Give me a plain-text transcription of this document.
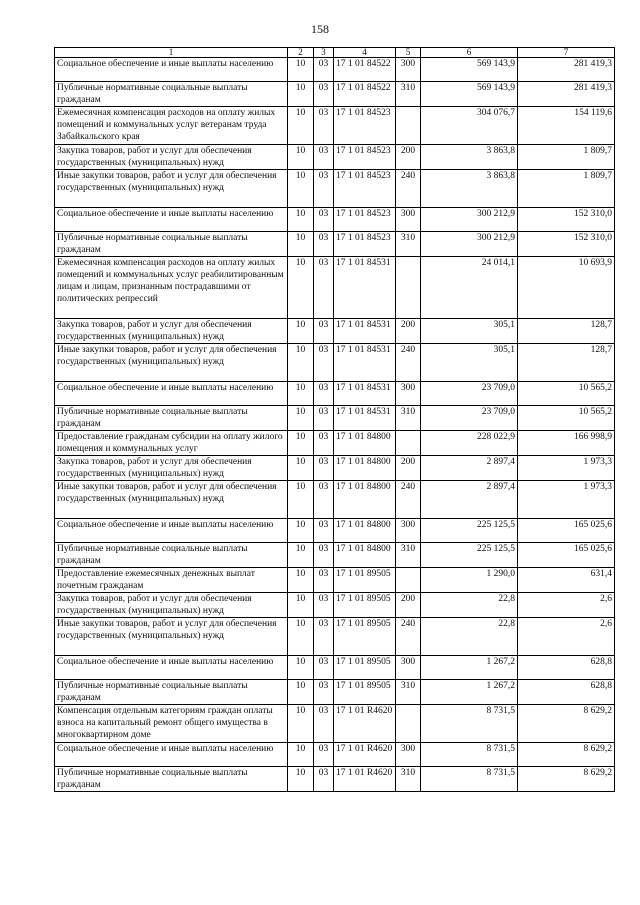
158
1	2	3	4	5	6	7
Социальное обеспечение и иные выплаты населению	10	03	17 1 01 84522	300	569 143,9	281 419,3
Публичные нормативные социальные выплаты гражданам	10	03	17 1 01 84522	310	569 143,9	281 419,3
Ежемесячная компенсация расходов на оплату жилых помещений и коммунальных услуг ветеранам труда Забайкальского края	10	03	17 1 01 84523		304 076,7	154 119,6
Закупка товаров, работ и услуг для обеспечения государственных (муниципальных) нужд	10	03	17 1 01 84523	200	3 863,8	1 809,7
Иные закупки товаров, работ и услуг для обеспечения государственных (муниципальных) нужд	10	03	17 1 01 84523	240	3 863,8	1 809,7
Социальное обеспечение и иные выплаты населению	10	03	17 1 01 84523	300	300 212,9	152 310,0
Публичные нормативные социальные выплаты гражданам	10	03	17 1 01 84523	310	300 212,9	152 310,0
Ежемесячная компенсация расходов на оплату жилых помещений и коммунальных услуг реабилитированным лицам и лицам, признанным пострадавшими от политических репрессий	10	03	17 1 01 84531		24 014,1	10 693,9
Закупка товаров, работ и услуг для обеспечения государственных (муниципальных) нужд	10	03	17 1 01 84531	200	305,1	128,7
Иные закупки товаров, работ и услуг для обеспечения государственных (муниципальных) нужд	10	03	17 1 01 84531	240	305,1	128,7
Социальное обеспечение и иные выплаты населению	10	03	17 1 01 84531	300	23 709,0	10 565,2
Публичные нормативные социальные выплаты гражданам	10	03	17 1 01 84531	310	23 709,0	10 565,2
Предоставление гражданам субсидии на оплату жилого помещения и коммунальных услуг	10	03	17 1 01 84800		228 022,9	166 998,9
Закупка товаров, работ и услуг для обеспечения государственных (муниципальных) нужд	10	03	17 1 01 84800	200	2 897,4	1 973,3
Иные закупки товаров, работ и услуг для обеспечения государственных (муниципальных) нужд	10	03	17 1 01 84800	240	2 897,4	1 973,3
Социальное обеспечение и иные выплаты населению	10	03	17 1 01 84800	300	225 125,5	165 025,6
Публичные нормативные социальные выплаты гражданам	10	03	17 1 01 84800	310	225 125,5	165 025,6
Предоставление ежемесячных денежных выплат почетным гражданам	10	03	17 1 01 89505		1 290,0	631,4
Закупка товаров, работ и услуг для обеспечения государственных (муниципальных) нужд	10	03	17 1 01 89505	200	22,8	2,6
Иные закупки товаров, работ и услуг для обеспечения государственных (муниципальных) нужд	10	03	17 1 01 89505	240	22,8	2,6
Социальное обеспечение и иные выплаты населению	10	03	17 1 01 89505	300	1 267,2	628,8
Публичные нормативные социальные выплаты гражданам	10	03	17 1 01 89505	310	1 267,2	628,8
Компенсация отдельным категориям граждан оплаты взноса на капитальный ремонт общего имущества в многоквартирном доме	10	03	17 1 01 R4620		8 731,5	8 629,2
Социальное обеспечение и иные выплаты населению	10	03	17 1 01 R4620	300	8 731,5	8 629,2
Публичные нормативные социальные выплаты гражданам	10	03	17 1 01 R4620	310	8 731,5	8 629,2
